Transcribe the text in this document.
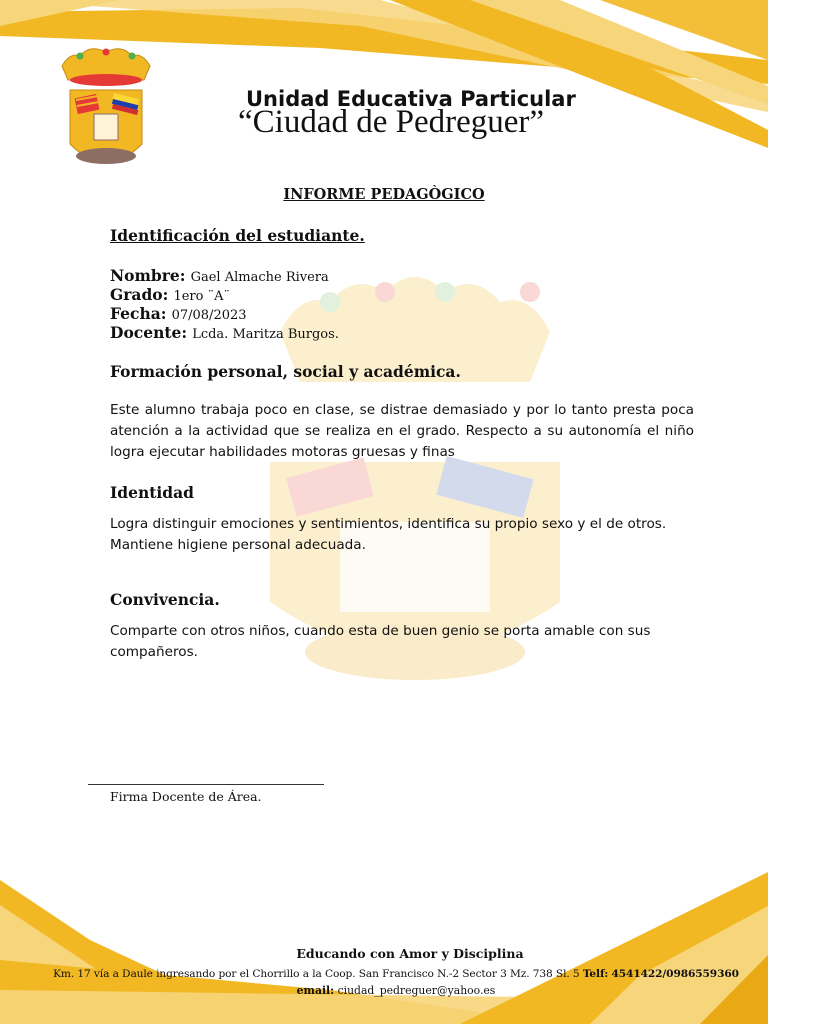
Unidad Educativa Particular
“Ciudad de Pedreguer”
INFORME PEDAGÒGICO
Identificación del estudiante.
Nombre: Gael Almache Rivera
Grado: 1ero ¨A¨
Fecha: 07/08/2023
Docente: Lcda. Maritza Burgos.
Formación personal, social y académica.
Este alumno trabaja poco en clase, se distrae demasiado y por lo tanto presta poca atención a la actividad que se realiza en el grado. Respecto a su autonomía el niño logra ejecutar habilidades motoras gruesas y finas
Identidad
Logra distinguir emociones y sentimientos, identifica su propio sexo y el de otros. Mantiene higiene personal adecuada.
Convivencia.
Comparte con otros niños, cuando esta de buen genio se porta amable con sus compañeros.
Firma Docente de Área.
Educando con Amor y Disciplina
Km. 17 vía a Daule ingresando por el Chorrillo a la Coop. San Francisco N.-2 Sector 3 Mz. 738 Sl. 5 Telf: 4541422/0986559360
email: ciudad_pedreguer@yahoo.es
